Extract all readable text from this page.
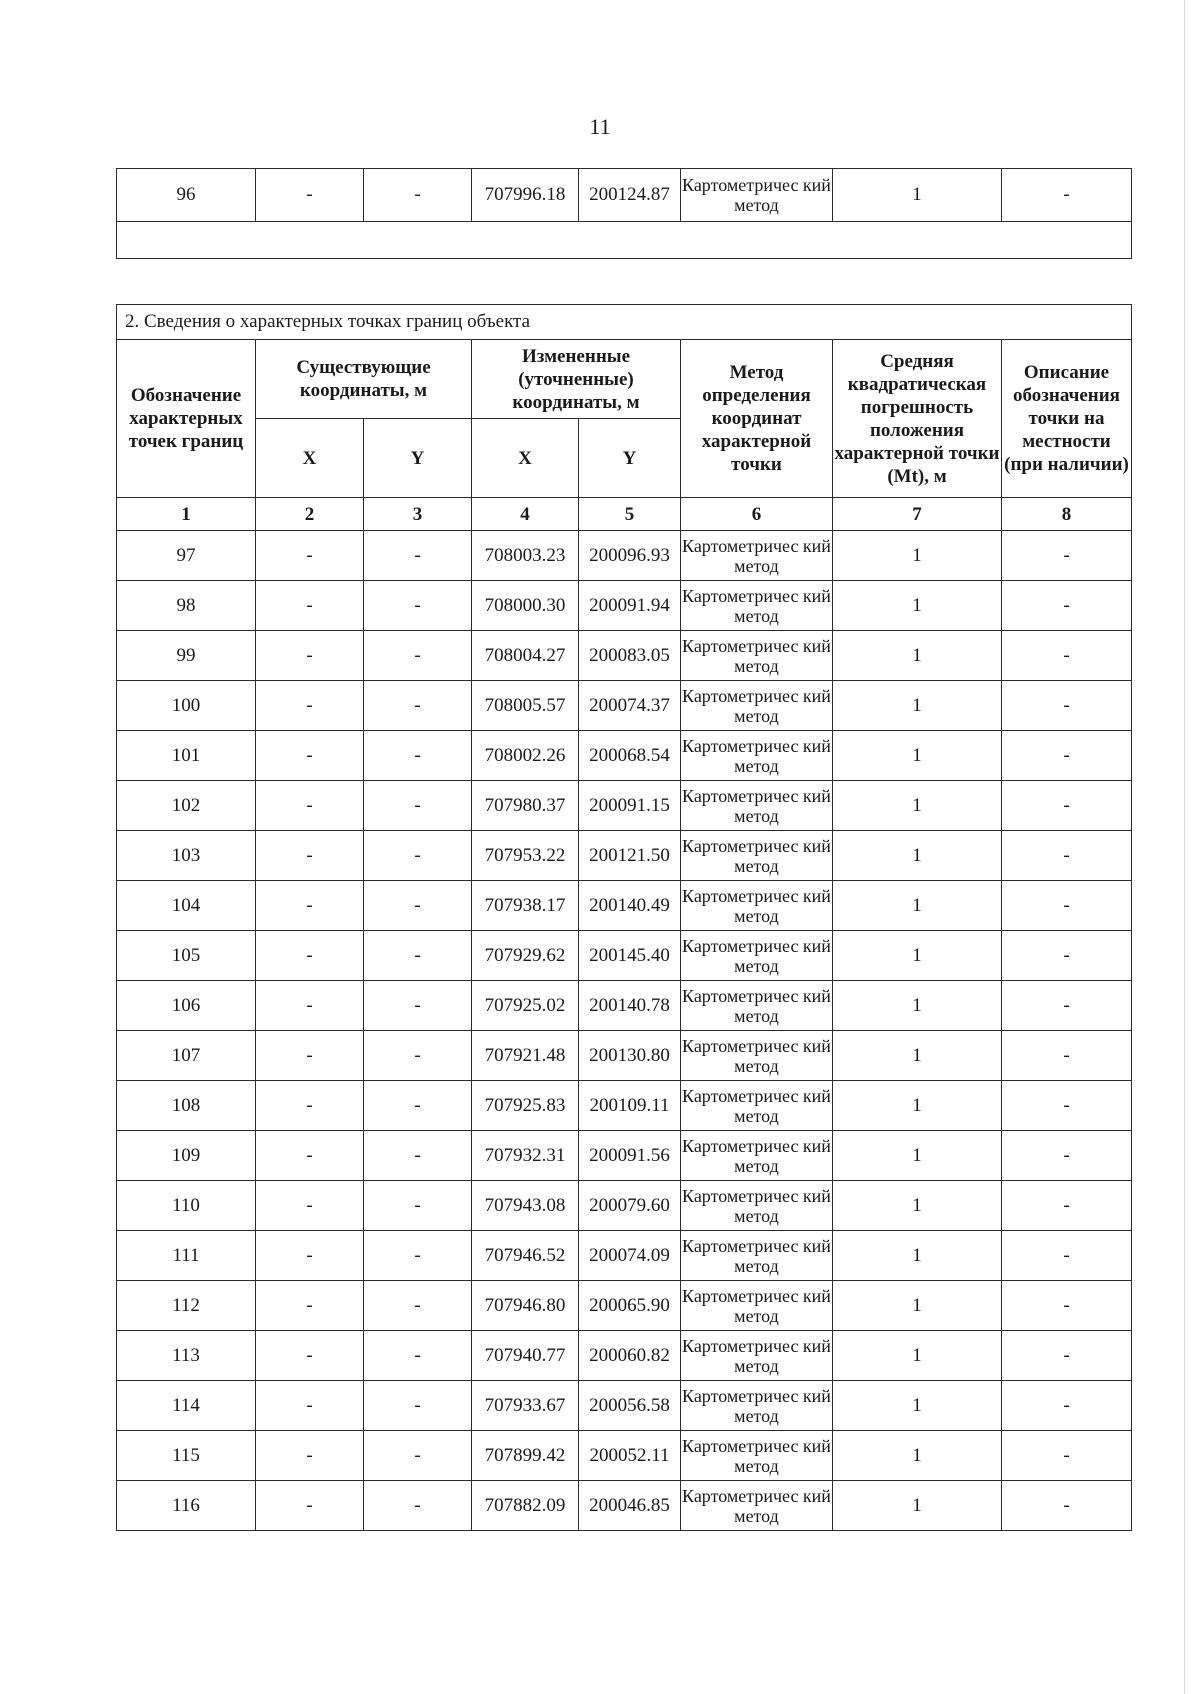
11
96	-	-	707996.18	200124.87	Картометричес кий метод	1	-

2. Сведения о характерных точках границ объекта							
Обозначение характерных точек границ	Существующие координаты, м		Измененные (уточненные) координаты, м		Метод определения координат характерной точки	Средняя квадратическая погрешность положения характерной точки (Mt), м	Описание обозначения точки на местности (при наличии)
	X	Y	X	Y			
1	2	3	4	5	6	7	8
97	-	-	708003.23	200096.93	Картометричес кий метод	1	-
98	-	-	708000.30	200091.94	Картометричес кий метод	1	-
99	-	-	708004.27	200083.05	Картометричес кий метод	1	-
100	-	-	708005.57	200074.37	Картометричес кий метод	1	-
101	-	-	708002.26	200068.54	Картометричес кий метод	1	-
102	-	-	707980.37	200091.15	Картометричес кий метод	1	-
103	-	-	707953.22	200121.50	Картометричес кий метод	1	-
104	-	-	707938.17	200140.49	Картометричес кий метод	1	-
105	-	-	707929.62	200145.40	Картометричес кий метод	1	-
106	-	-	707925.02	200140.78	Картометричес кий метод	1	-
107	-	-	707921.48	200130.80	Картометричес кий метод	1	-
108	-	-	707925.83	200109.11	Картометричес кий метод	1	-
109	-	-	707932.31	200091.56	Картометричес кий метод	1	-
110	-	-	707943.08	200079.60	Картометричес кий метод	1	-
111	-	-	707946.52	200074.09	Картометричес кий метод	1	-
112	-	-	707946.80	200065.90	Картометричес кий метод	1	-
113	-	-	707940.77	200060.82	Картометричес кий метод	1	-
114	-	-	707933.67	200056.58	Картометричес кий метод	1	-
115	-	-	707899.42	200052.11	Картометричес кий метод	1	-
116	-	-	707882.09	200046.85	Картометричес кий метод	1	-
